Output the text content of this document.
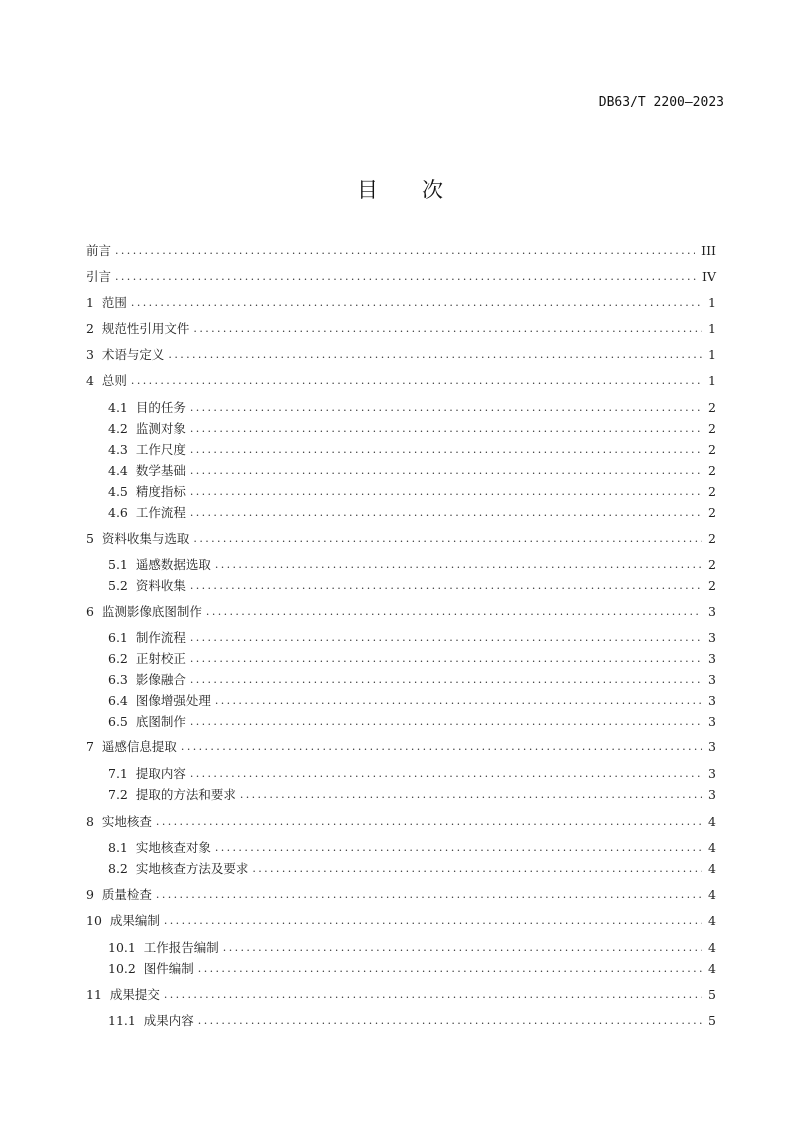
DB63/T 2200—2023
目 次
前言 .....	III
引言 .....	IV
1 范围 .....	1
2 规范性引用文件 .....	1
3 术语与定义 .....	1
4 总则 .....	1
4.1 目的任务 .....	2
4.2 监测对象 .....	2
4.3 工作尺度 .....	2
4.4 数学基础 .....	2
4.5 精度指标 .....	2
4.6 工作流程 .....	2
5 资料收集与选取 .....	2
5.1 遥感数据选取 .....	2
5.2 资料收集 .....	2
6 监测影像底图制作 .....	3
6.1 制作流程 .....	3
6.2 正射校正 .....	3
6.3 影像融合 .....	3
6.4 图像增强处理 .....	3
6.5 底图制作 .....	3
7 遥感信息提取 .....	3
7.1 提取内容 .....	3
7.2 提取的方法和要求 .....	3
8 实地核查 .....	4
8.1 实地核查对象 .....	4
8.2 实地核查方法及要求 .....	4
9 质量检查 .....	4
10 成果编制 .....	4
10.1 工作报告编制 .....	4
10.2 图件编制 .....	4
11 成果提交 .....	5
11.1 成果内容 .....	5
